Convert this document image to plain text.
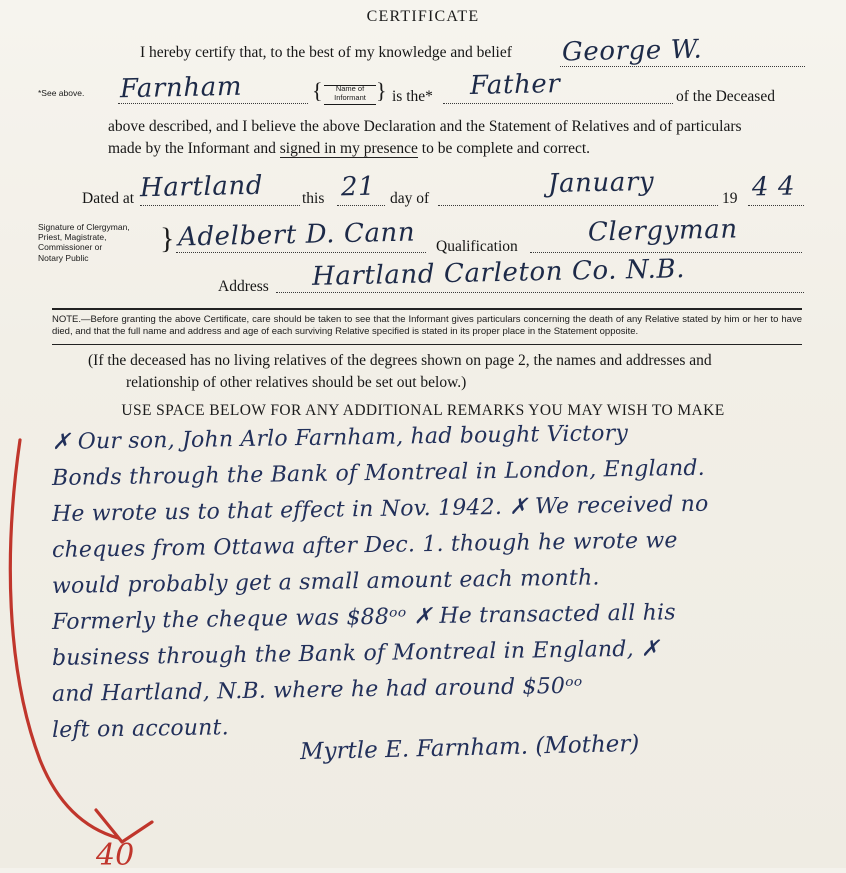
CERTIFICATE
I hereby certify that, to the best of my knowledge and belief George W.
*See above. Farnham	{	Name of
Informant } is the* Father	of the Deceased
above described, and I believe the above Declaration and the Statement of Relatives and of particulars
made by the Informant and signed in my presence to be complete and correct.
Dated at Hartland this 21 day of	January	19 4 4
Signature of Clergyman,
Priest, Magistrate,
Commissioner or
Notary Public
} Adelbert D. Cann Qualification	Clergyman
Address Hartland Carleton Co. N.B.
NOTE.—Before granting the above Certificate, care should be taken to see that the Informant gives particulars concerning the death of any Relative stated by him or her to have died, and that the full name and address and age of each surviving Relative specified is stated in its proper place in the Statement opposite.
(If the deceased has no living relatives of the degrees shown on page 2, the names and addresses and
relationship of other relatives should be set out below.)
USE SPACE BELOW FOR ANY ADDITIONAL REMARKS YOU MAY WISH TO MAKE
✗ Our son, John Arlo Farnham, had bought Victory
Bonds through the Bank of Montreal in London, England.
He wrote us to that effect in Nov. 1942. ✗ We received no
cheques from Ottawa after Dec. 1. though he wrote we
would probably get a small amount each month.
Formerly the cheque was $88ᵒᵒ ✗ He transacted all his
business through the Bank of Montreal in England, ✗
and Hartland, N.B. where he had around $50ᵒᵒ
left on account.
Myrtle E. Farnham. (Mother)
40
